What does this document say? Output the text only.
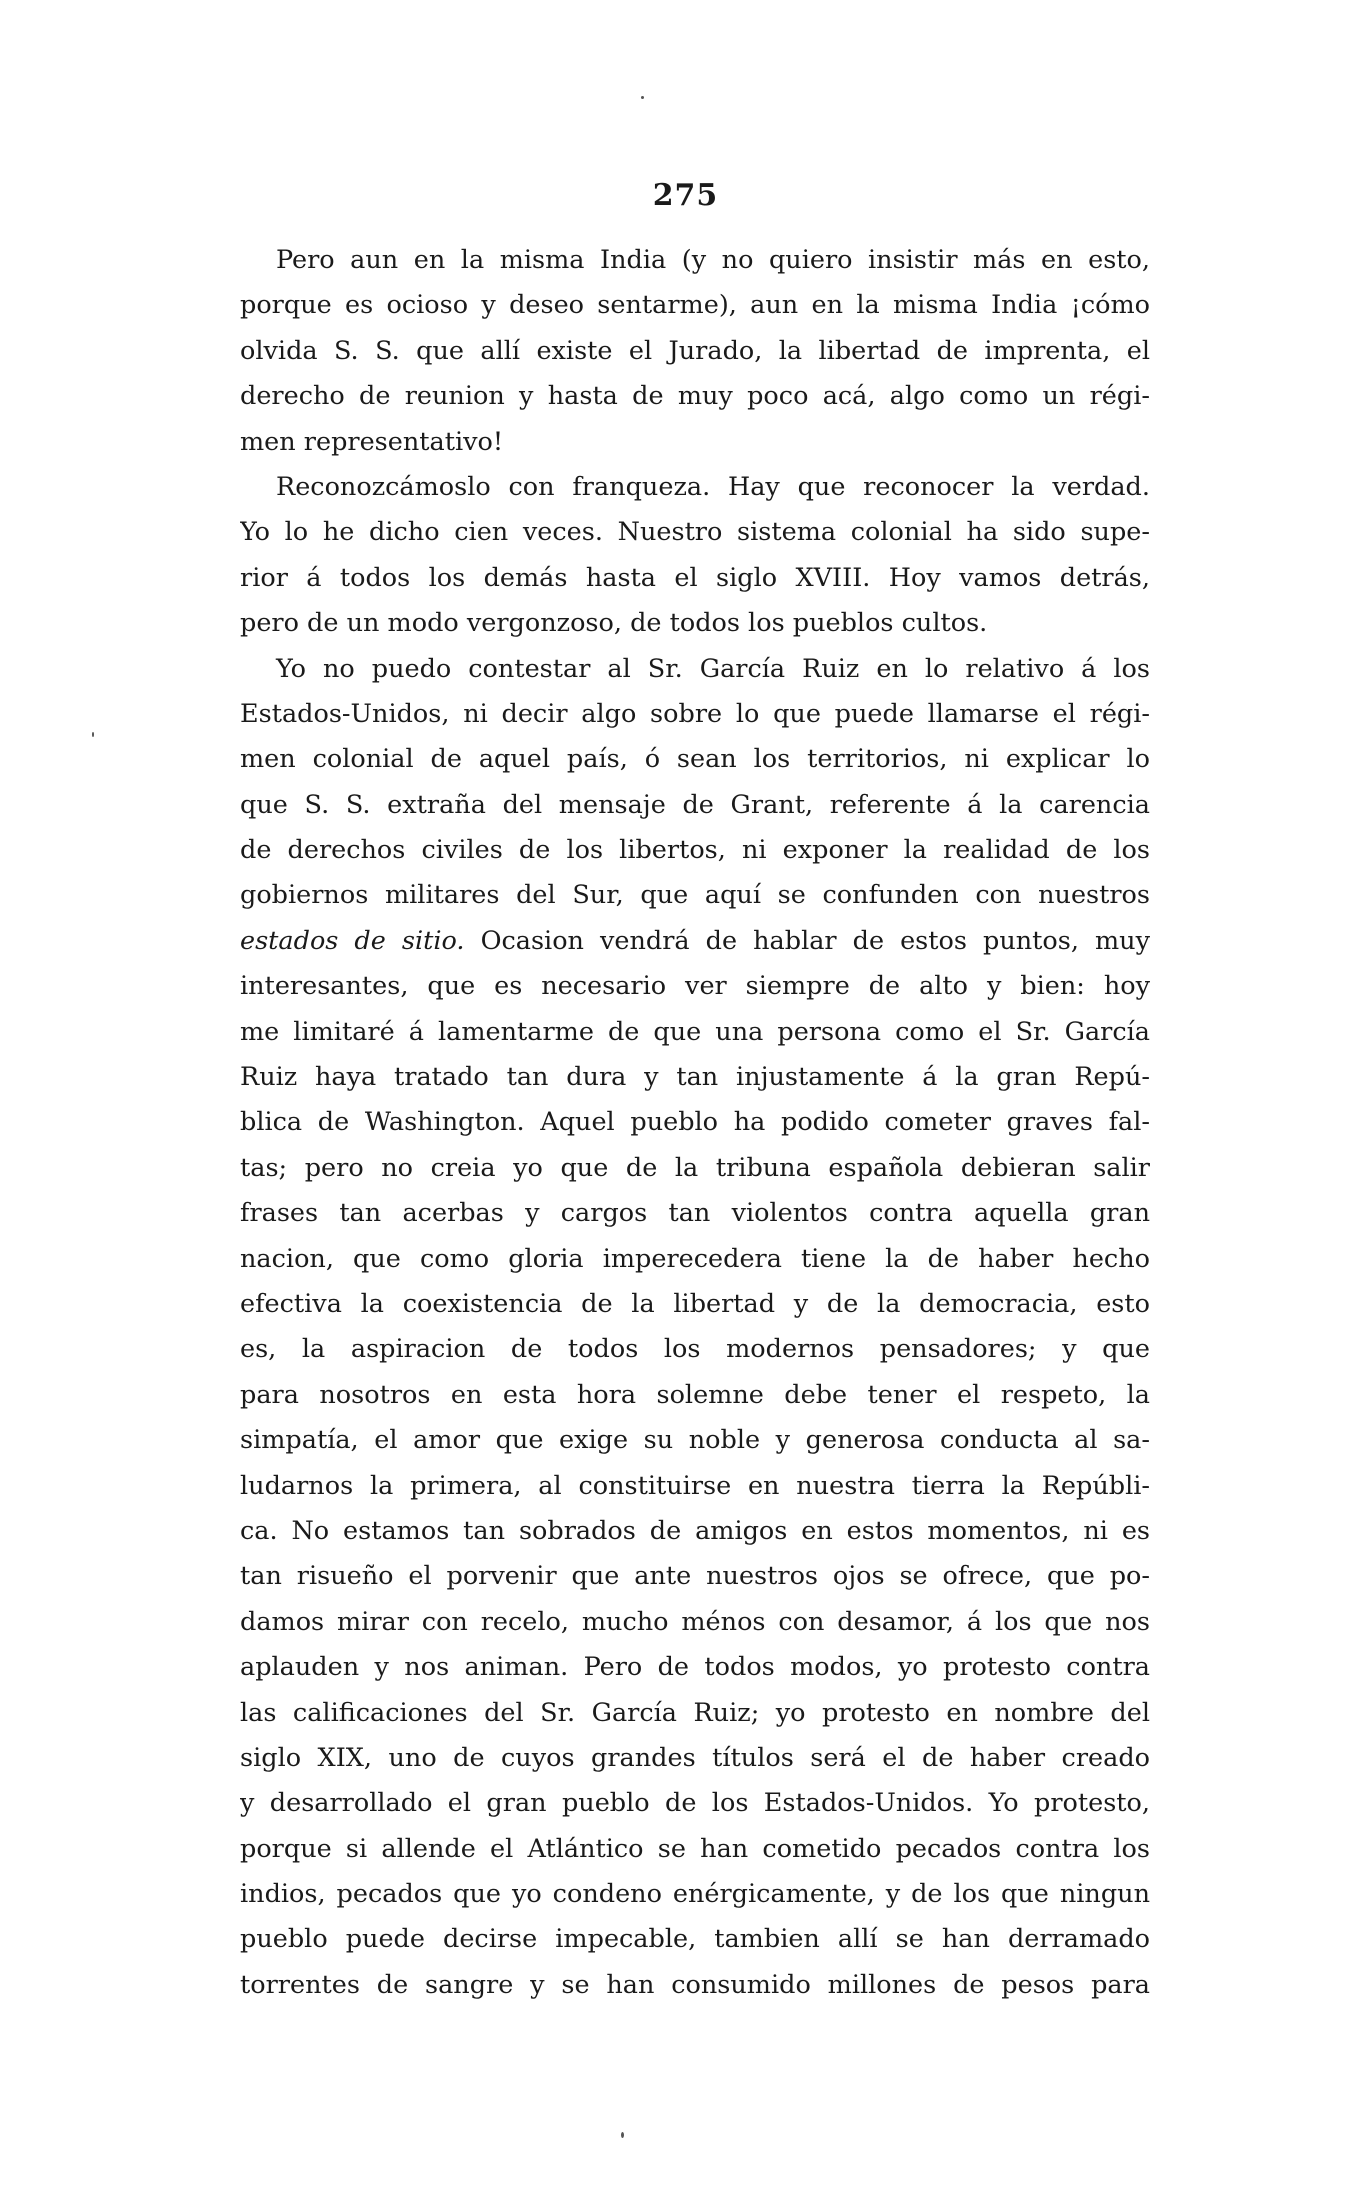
275
Pero aun en la misma India (y no quiero insistir más en esto,
porque es ocioso y deseo sentarme), aun en la misma India ¡cómo
olvida S. S. que allí existe el Jurado, la libertad de imprenta, el
derecho de reunion y hasta de muy poco acá, algo como un régi-
men representativo!
Reconozcámoslo con franqueza. Hay que reconocer la verdad.
Yo lo he dicho cien veces. Nuestro sistema colonial ha sido supe-
rior á todos los demás hasta el siglo XVIII. Hoy vamos detrás,
pero de un modo vergonzoso, de todos los pueblos cultos.
Yo no puedo contestar al Sr. García Ruiz en lo relativo á los
Estados-Unidos, ni decir algo sobre lo que puede llamarse el régi-
men colonial de aquel país, ó sean los territorios, ni explicar lo
que S. S. extraña del mensaje de Grant, referente á la carencia
de derechos civiles de los libertos, ni exponer la realidad de los
gobiernos militares del Sur, que aquí se confunden con nuestros
estados de sitio. Ocasion vendrá de hablar de estos puntos, muy
interesantes, que es necesario ver siempre de alto y bien: hoy
me limitaré á lamentarme de que una persona como el Sr. García
Ruiz haya tratado tan dura y tan injustamente á la gran Repú-
blica de Washington. Aquel pueblo ha podido cometer graves fal-
tas; pero no creia yo que de la tribuna española debieran salir
frases tan acerbas y cargos tan violentos contra aquella gran
nacion, que como gloria imperecedera tiene la de haber hecho
efectiva la coexistencia de la libertad y de la democracia, esto
es, la aspiracion de todos los modernos pensadores; y que
para nosotros en esta hora solemne debe tener el respeto, la
simpatía, el amor que exige su noble y generosa conducta al sa-
ludarnos la primera, al constituirse en nuestra tierra la Repúbli-
ca. No estamos tan sobrados de amigos en estos momentos, ni es
tan risueño el porvenir que ante nuestros ojos se ofrece, que po-
damos mirar con recelo, mucho ménos con desamor, á los que nos
aplauden y nos animan. Pero de todos modos, yo protesto contra
las calificaciones del Sr. García Ruiz; yo protesto en nombre del
siglo XIX, uno de cuyos grandes títulos será el de haber creado
y desarrollado el gran pueblo de los Estados-Unidos. Yo protesto,
porque si allende el Atlántico se han cometido pecados contra los
indios, pecados que yo condeno enérgicamente, y de los que ningun
pueblo puede decirse impecable, tambien allí se han derramado
torrentes de sangre y se han consumido millones de pesos para
